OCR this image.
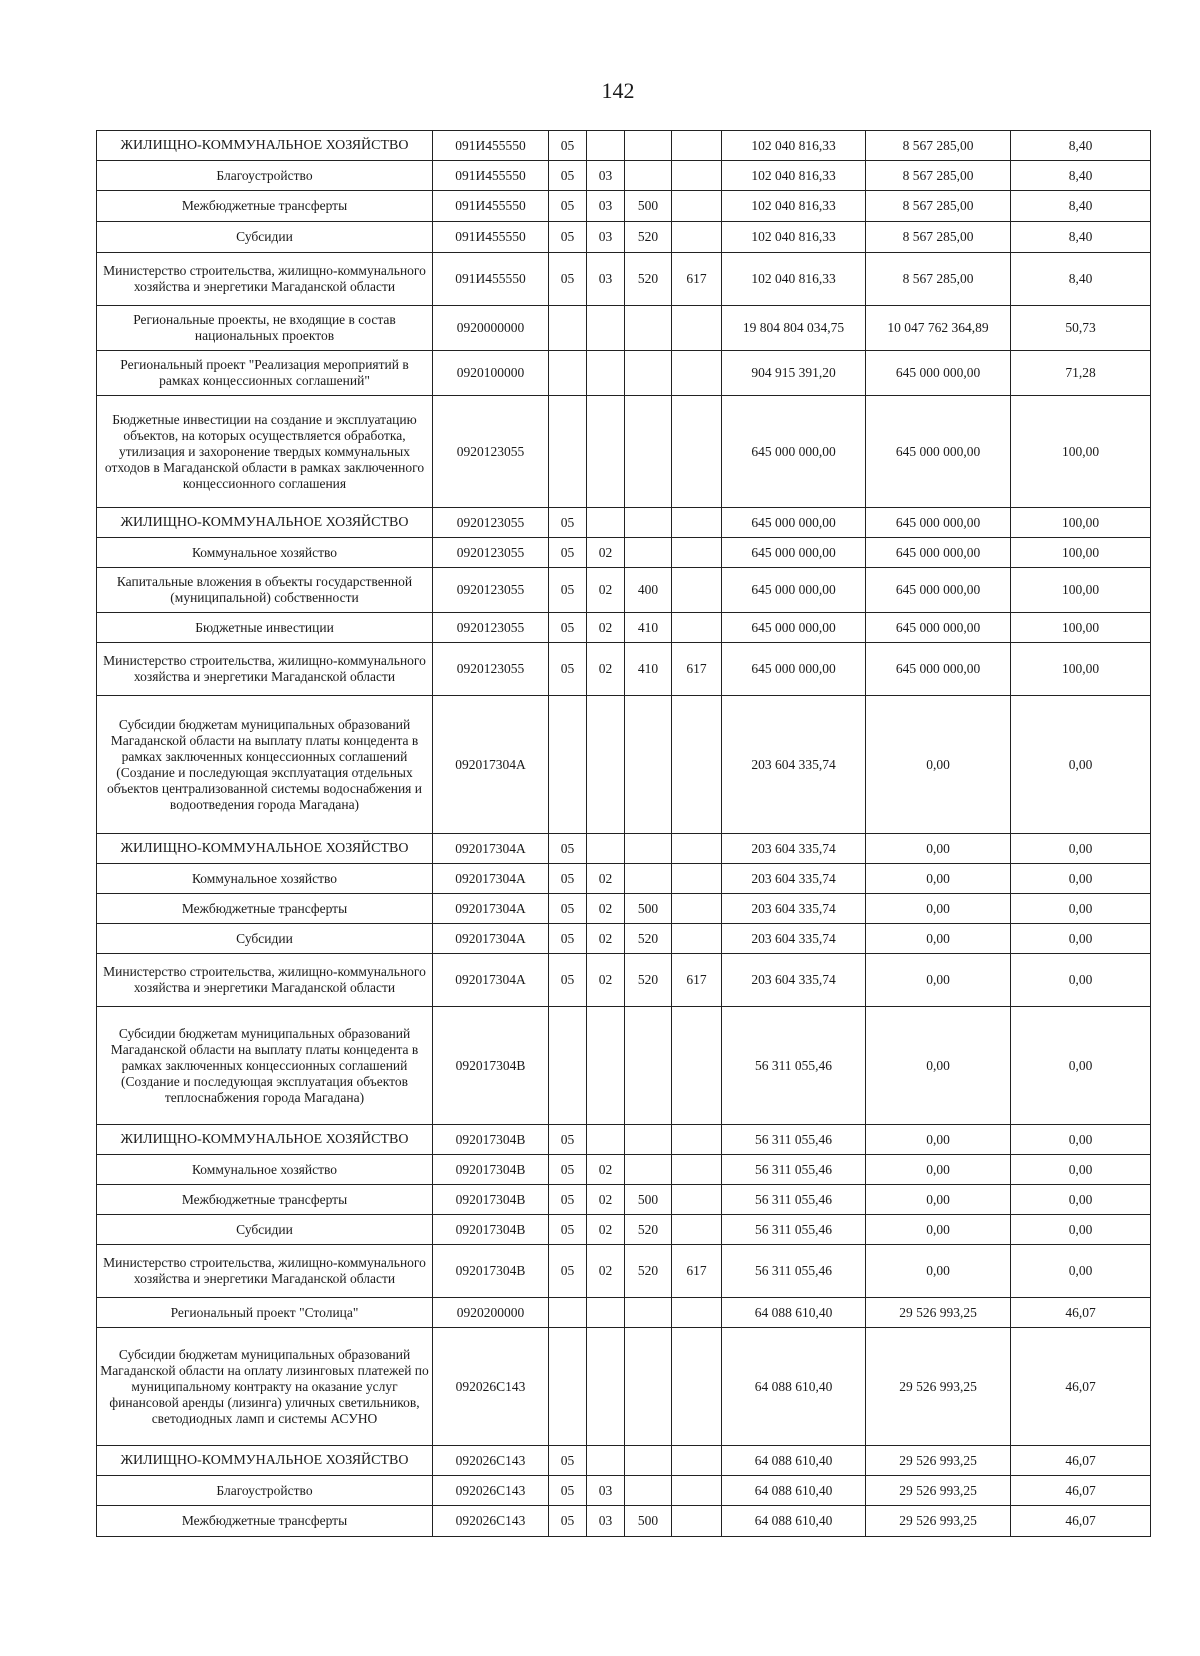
142
ЖИЛИЩНО-КОММУНАЛЬНОЕ ХОЗЯЙСТВО	091И455550	05				102 040 816,33	8 567 285,00	8,40
Благоустройство	091И455550	05	03			102 040 816,33	8 567 285,00	8,40
Межбюджетные трансферты	091И455550	05	03	500		102 040 816,33	8 567 285,00	8,40
Субсидии	091И455550	05	03	520		102 040 816,33	8 567 285,00	8,40
Министерство строительства, жилищно-коммунального хозяйства и энергетики Магаданской области	091И455550	05	03	520	617	102 040 816,33	8 567 285,00	8,40
Региональные проекты, не входящие в состав национальных проектов	0920000000					19 804 804 034,75	10 047 762 364,89	50,73
Региональный проект "Реализация мероприятий в рамках концессионных соглашений"	0920100000					904 915 391,20	645 000 000,00	71,28
Бюджетные инвестиции на создание и эксплуатацию объектов, на которых осуществляется обработка, утилизация и захоронение твердых коммунальных отходов в Магаданской области в рамках заключенного концессионного соглашения	0920123055					645 000 000,00	645 000 000,00	100,00
ЖИЛИЩНО-КОММУНАЛЬНОЕ ХОЗЯЙСТВО	0920123055	05				645 000 000,00	645 000 000,00	100,00
Коммунальное хозяйство	0920123055	05	02			645 000 000,00	645 000 000,00	100,00
Капитальные вложения в объекты государственной (муниципальной) собственности	0920123055	05	02	400		645 000 000,00	645 000 000,00	100,00
Бюджетные инвестиции	0920123055	05	02	410		645 000 000,00	645 000 000,00	100,00
Министерство строительства, жилищно-коммунального хозяйства и энергетики Магаданской области	0920123055	05	02	410	617	645 000 000,00	645 000 000,00	100,00
Субсидии бюджетам муниципальных образований Магаданской области на выплату платы концедента в рамках заключенных концессионных соглашений (Создание и последующая эксплуатация отдельных объектов централизованной системы водоснабжения и водоотведения города Магадана)	092017304А					203 604 335,74	0,00	0,00
ЖИЛИЩНО-КОММУНАЛЬНОЕ ХОЗЯЙСТВО	092017304А	05				203 604 335,74	0,00	0,00
Коммунальное хозяйство	092017304А	05	02			203 604 335,74	0,00	0,00
Межбюджетные трансферты	092017304А	05	02	500		203 604 335,74	0,00	0,00
Субсидии	092017304А	05	02	520		203 604 335,74	0,00	0,00
Министерство строительства, жилищно-коммунального хозяйства и энергетики Магаданской области	092017304А	05	02	520	617	203 604 335,74	0,00	0,00
Субсидии бюджетам муниципальных образований Магаданской области на выплату платы концедента в рамках заключенных концессионных соглашений (Создание и последующая эксплуатация объектов теплоснабжения города Магадана)	092017304В					56 311 055,46	0,00	0,00
ЖИЛИЩНО-КОММУНАЛЬНОЕ ХОЗЯЙСТВО	092017304В	05				56 311 055,46	0,00	0,00
Коммунальное хозяйство	092017304В	05	02			56 311 055,46	0,00	0,00
Межбюджетные трансферты	092017304В	05	02	500		56 311 055,46	0,00	0,00
Субсидии	092017304В	05	02	520		56 311 055,46	0,00	0,00
Министерство строительства, жилищно-коммунального хозяйства и энергетики Магаданской области	092017304В	05	02	520	617	56 311 055,46	0,00	0,00
Региональный проект "Столица"	0920200000					64 088 610,40	29 526 993,25	46,07
Субсидии бюджетам муниципальных образований Магаданской области на оплату лизинговых платежей по муниципальному контракту на оказание услуг финансовой аренды (лизинга) уличных светильников, светодиодных ламп и системы АСУНО	092026С143					64 088 610,40	29 526 993,25	46,07
ЖИЛИЩНО-КОММУНАЛЬНОЕ ХОЗЯЙСТВО	092026С143	05				64 088 610,40	29 526 993,25	46,07
Благоустройство	092026С143	05	03			64 088 610,40	29 526 993,25	46,07
Межбюджетные трансферты	092026С143	05	03	500		64 088 610,40	29 526 993,25	46,07
